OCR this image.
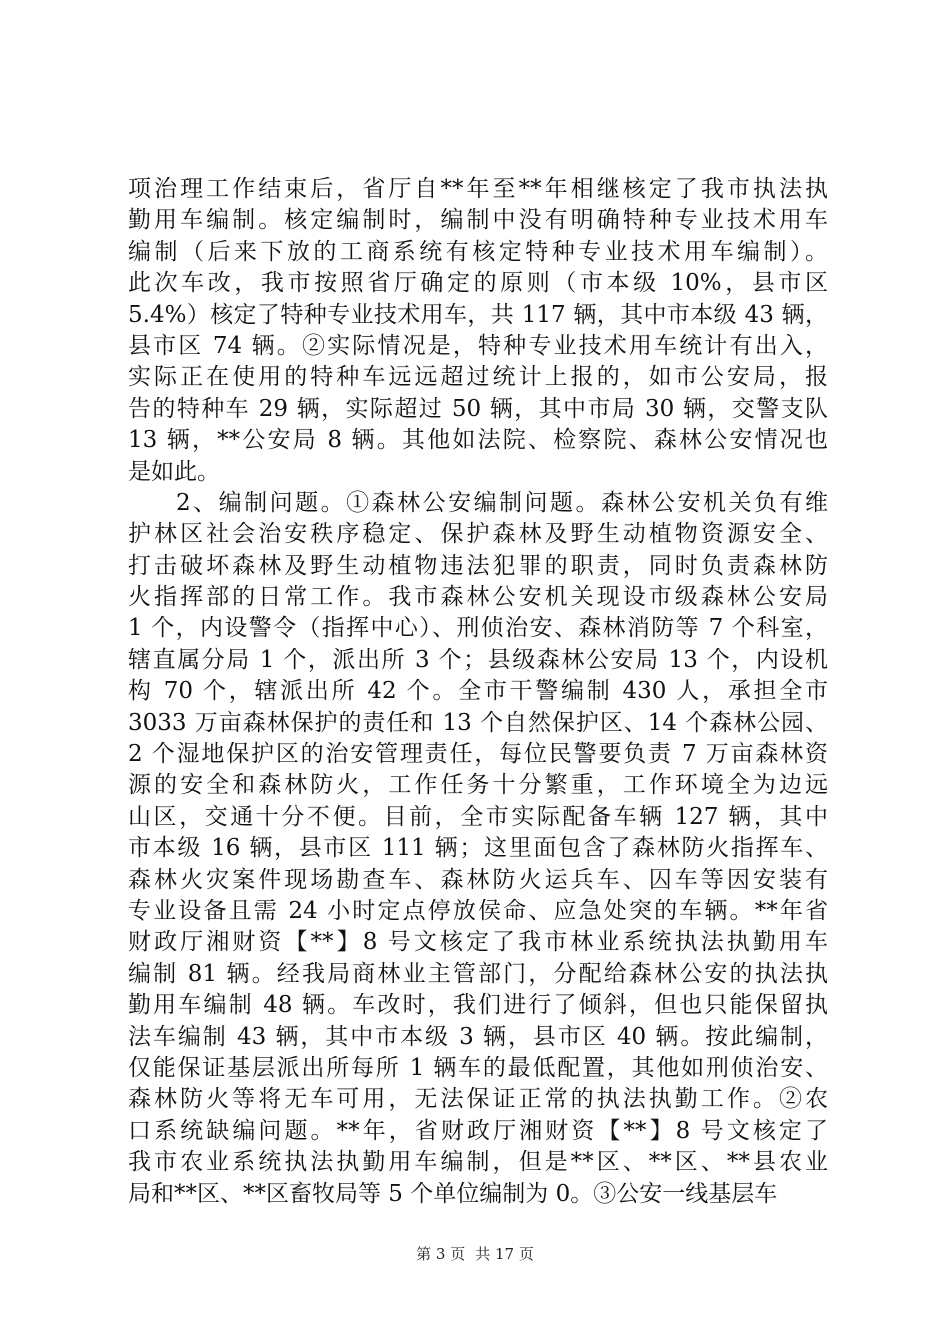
项治理工作结束后，省厅自**年至**年相继核定了我市执法执
勤用车编制。核定编制时，编制中没有明确特种专业技术用车
编制（后来下放的工商系统有核定特种专业技术用车编制）。
此次车改，我市按照省厅确定的原则（市本级 10%，县市区
5.4%）核定了特种专业技术用车，共 117 辆，其中市本级 43 辆，
县市区 74 辆。②实际情况是，特种专业技术用车统计有出入，
实际正在使用的特种车远远超过统计上报的，如市公安局，报
告的特种车 29 辆，实际超过 50 辆，其中市局 30 辆，交警支队
13 辆，**公安局 8 辆。其他如法院、检察院、森林公安情况也
是如此。
2、编制问题。①森林公安编制问题。森林公安机关负有维
护林区社会治安秩序稳定、保护森林及野生动植物资源安全、
打击破坏森林及野生动植物违法犯罪的职责，同时负责森林防
火指挥部的日常工作。我市森林公安机关现设市级森林公安局
1 个，内设警令（指挥中心）、刑侦治安、森林消防等 7 个科室，
辖直属分局 1 个，派出所 3 个；县级森林公安局 13 个，内设机
构 70 个，辖派出所 42 个。全市干警编制 430 人，承担全市
3033 万亩森林保护的责任和 13 个自然保护区、14 个森林公园、
2 个湿地保护区的治安管理责任，每位民警要负责 7 万亩森林资
源的安全和森林防火，工作任务十分繁重，工作环境全为边远
山区，交通十分不便。目前，全市实际配备车辆 127 辆，其中
市本级 16 辆，县市区 111 辆；这里面包含了森林防火指挥车、
森林火灾案件现场勘查车、森林防火运兵车、囚车等因安装有
专业设备且需 24 小时定点停放侯命、应急处突的车辆。**年省
财政厅湘财资【**】8 号文核定了我市林业系统执法执勤用车
编制 81 辆。经我局商林业主管部门，分配给森林公安的执法执
勤用车编制 48 辆。车改时，我们进行了倾斜，但也只能保留执
法车编制 43 辆，其中市本级 3 辆，县市区 40 辆。按此编制，
仅能保证基层派出所每所 1 辆车的最低配置，其他如刑侦治安、
森林防火等将无车可用，无法保证正常的执法执勤工作。②农
口系统缺编问题。**年，省财政厅湘财资【**】8 号文核定了
我市农业系统执法执勤用车编制，但是**区、**区、**县农业
局和**区、**区畜牧局等 5 个单位编制为 0。③公安一线基层车
第 3 页 共 17 页
